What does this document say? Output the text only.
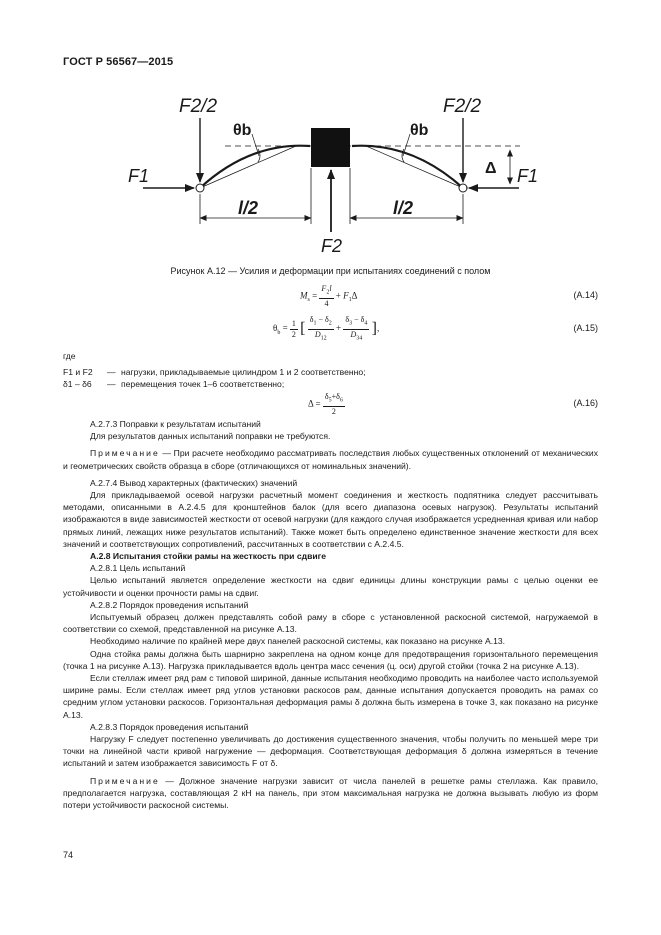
ГОСТ Р 56567—2015
F2/2	F2/2
θb	θb
Δ
F1	F1
l/2	l/2
F2
Рисунок А.12 — Усилия и деформации при испытаниях соединений с полом
$M_s = \frac{F_2l}{4} + F_1\Delta$	(А.14)
$\theta_b = \frac{1}{2}$ [ $\frac{\delta_1 - \delta_2}{D_{12}} + \frac{\delta_3 - \delta_4}{D_{34}}$ ],	(А.15)

где

F1 и F2	— нагрузки, прикладываемые цилиндром 1 и 2 соответственно;

δ1 – δ6	— перемещения точек 1–6 соответственно;

$\Delta = \frac{\delta_5+\delta_6}{2}$	(А.16)

А.2.7.3 Поправки к результатам испытаний

Для результатов данных испытаний поправки не требуются.

Примечание — При расчете необходимо рассматривать последствия любых существенных отклонений от механических и геометрических свойств образца в сборе (отличающихся от номинальных значений).

А.2.7.4 Вывод характерных (фактических) значений

Для прикладываемой осевой нагрузки расчетный момент соединения и жесткость подпятника следует рассчитывать методами, описанными в А.2.4.5 для кронштейнов балок (для всего диапазона осевых нагрузок). Результаты испытаний изображаются в виде зависимостей жесткости от осевой нагрузки (для каждого случая изображается усредненная кривая или набор прямых линий, лежащих ниже результатов испытаний). Также может быть определено единственное значение жесткости для всех значений и соответствующих сопротивлений, рассчитанных в соответствии с А.2.4.5.

А.2.8 Испытания стойки рамы на жесткость при сдвиге

А.2.8.1 Цель испытаний

Целью испытаний является определение жесткости на сдвиг единицы длины конструкции рамы с целью оценки ее устойчивости и оценки прочности рамы на сдвиг.

А.2.8.2 Порядок проведения испытаний

Испытуемый образец должен представлять собой раму в сборе с установленной раскосной системой, нагружаемой в соответствии со схемой, представленной на рисунке А.13.

Необходимо наличие по крайней мере двух панелей раскосной системы, как показано на рисунке А.13.

Одна стойка рамы должна быть шарнирно закреплена на одном конце для предотвращения горизонтального перемещения (точка 1 на рисунке А.13). Нагрузка прикладывается вдоль центра масс сечения (ц. оси) другой стойки (точка 2 на рисунке А.13).

Если стеллаж имеет ряд рам с типовой шириной, данные испытания необходимо проводить на наиболее часто используемой ширине рамы. Если стеллаж имеет ряд углов установки раскосов рам, данные испытания допускается проводить на рамах со средним углом установки раскосов. Горизонтальная деформация рамы δ должна быть измерена в точке 3, как показано на рисунке А.13.

А.2.8.3 Порядок проведения испытаний

Нагрузку F следует постепенно увеличивать до достижения существенного значения, чтобы получить по меньшей мере три точки на линейной части кривой нагружение — деформация. Соответствующая деформация δ должна измеряться в течение испытаний и затем изображается зависимость F от δ.

Примечание — Должное значение нагрузки зависит от числа панелей в решетке рамы стеллажа. Как правило, предполагается нагрузка, составляющая 2 кН на панель, при этом максимальная нагрузка не должна вызывать любую из форм потери устойчивости раскосной системы.

74
